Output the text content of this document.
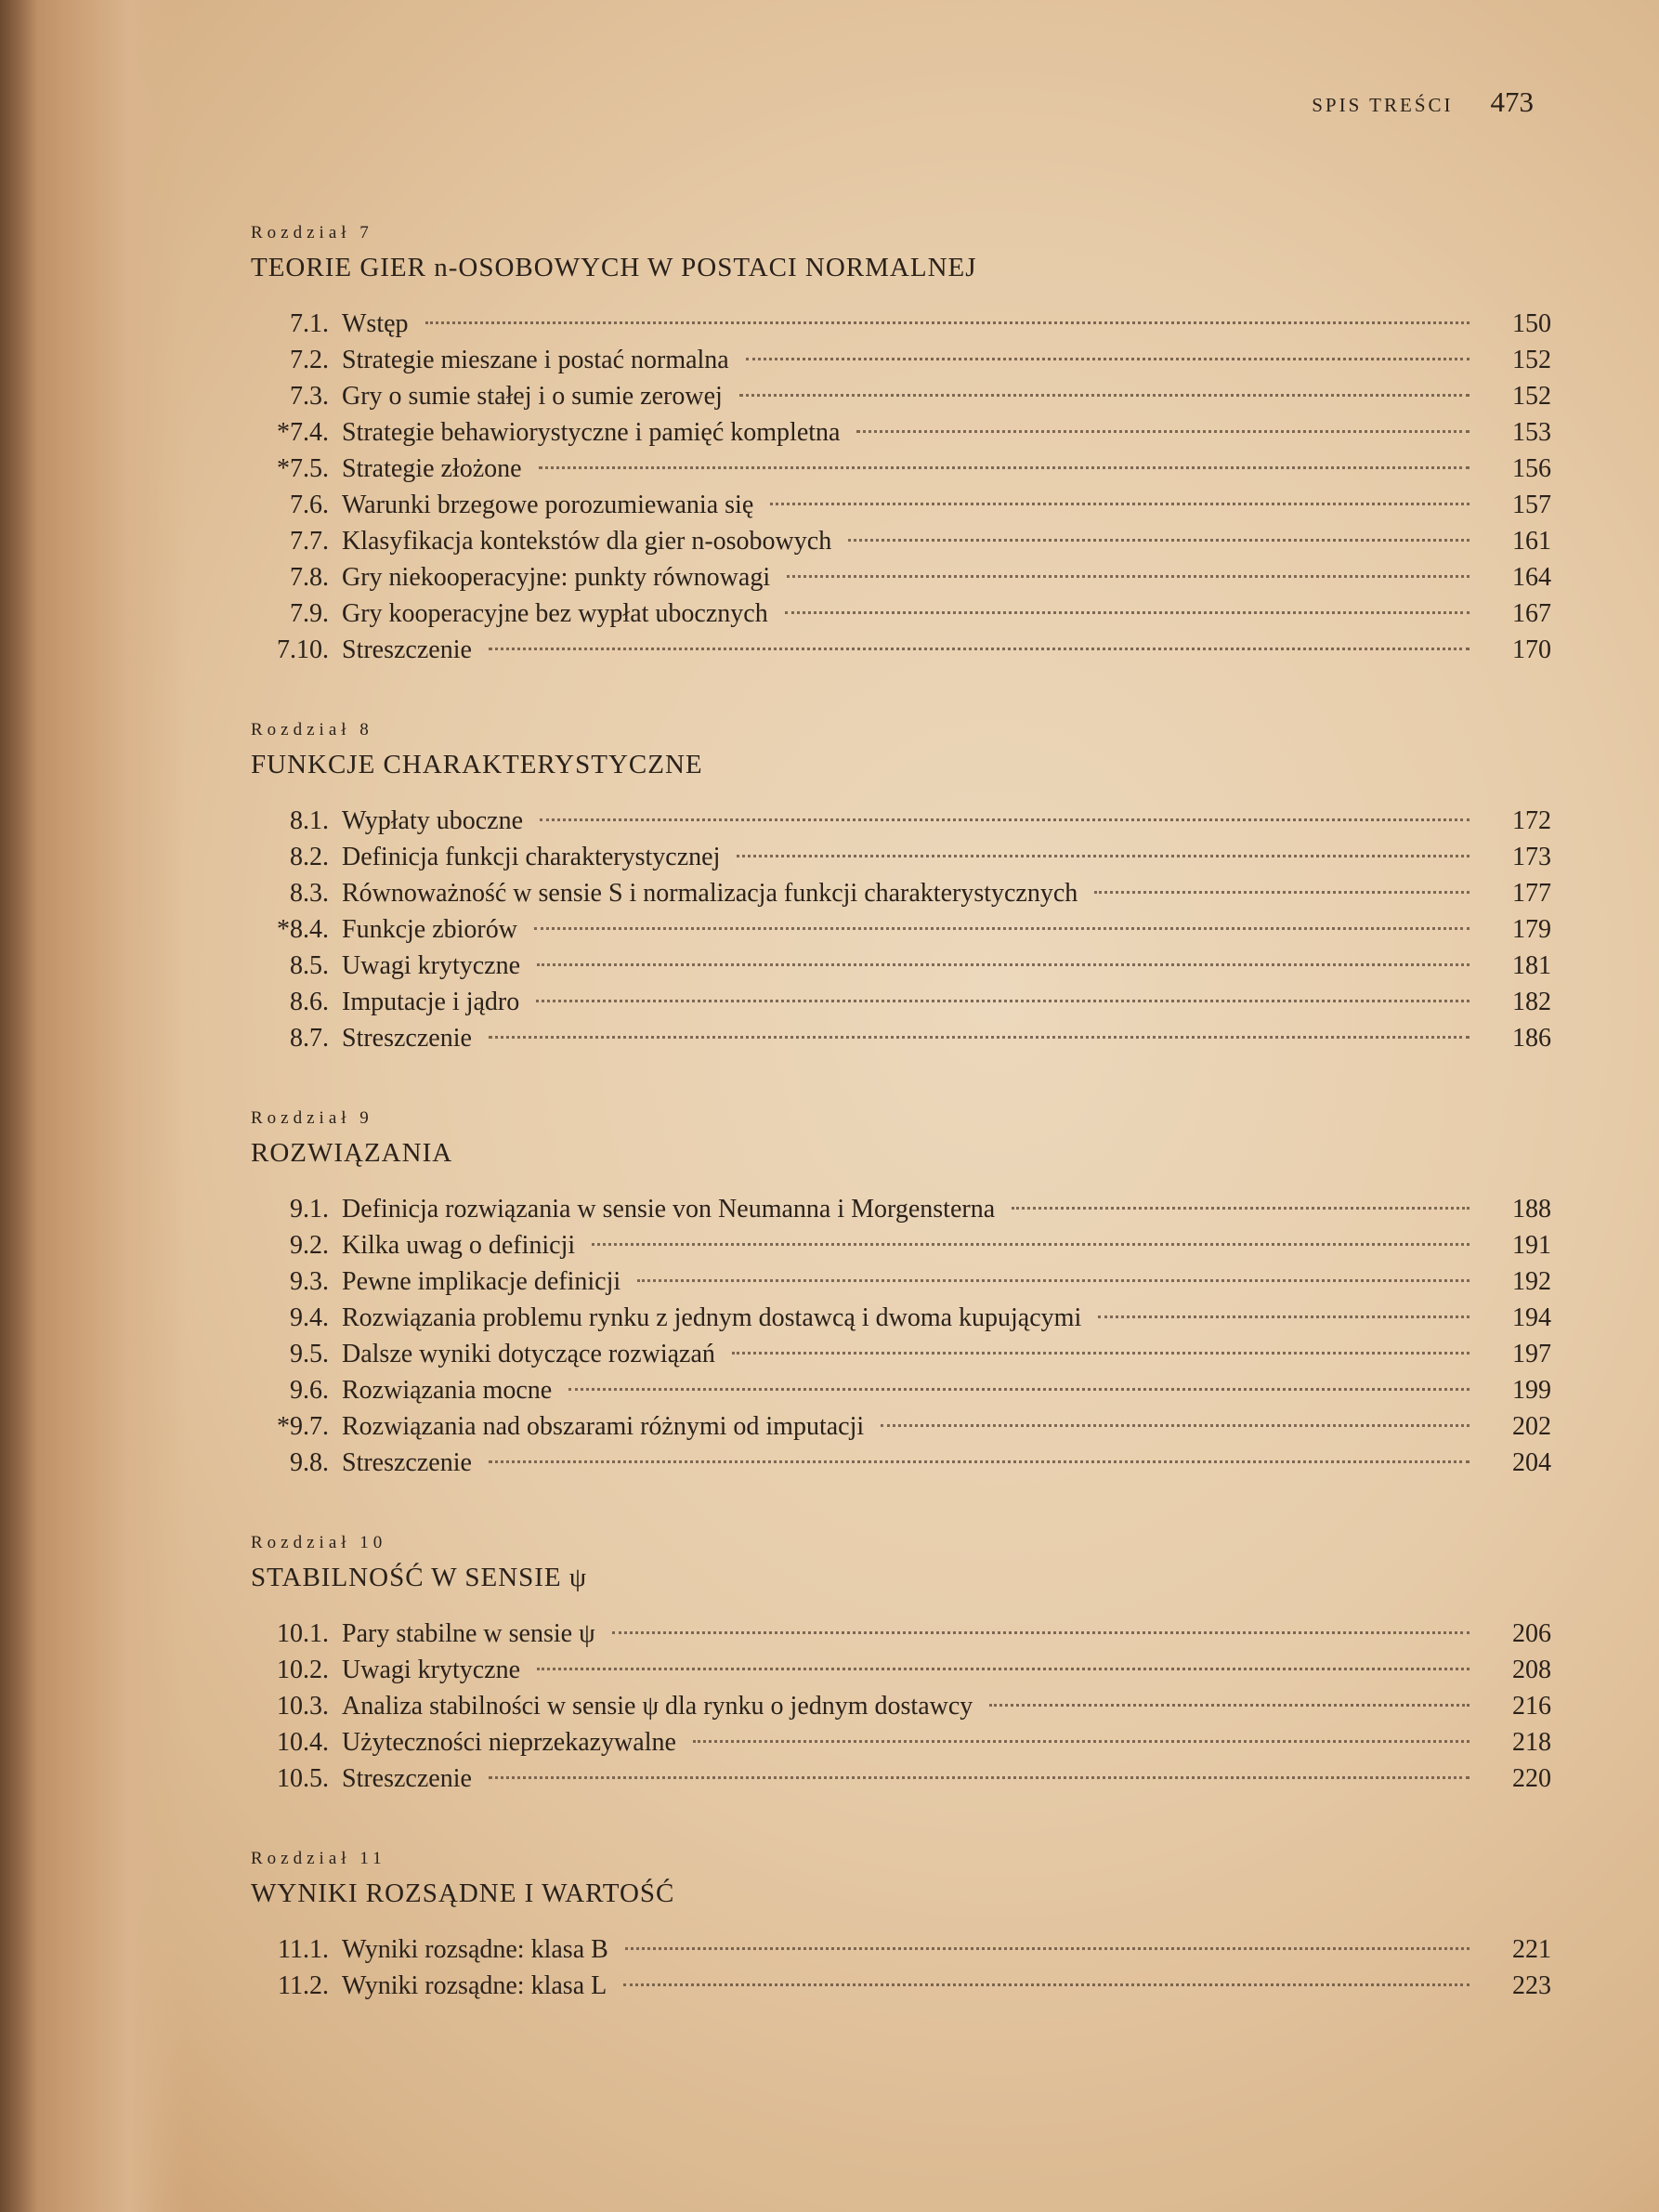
SPIS TREŚCI 473
Rozdział 7
TEORIE GIER n-OSOBOWYCH W POSTACI NORMALNEJ
7.1. Wstęp	150
7.2. Strategie mieszane i postać normalna	152
7.3. Gry o sumie stałej i o sumie zerowej	152
*7.4. Strategie behawiorystyczne i pamięć kompletna	153
*7.5. Strategie złożone	156
7.6. Warunki brzegowe porozumiewania się	157
7.7. Klasyfikacja kontekstów dla gier n-osobowych	161
7.8. Gry niekooperacyjne: punkty równowagi	164
7.9. Gry kooperacyjne bez wypłat ubocznych	167
7.10. Streszczenie	170
Rozdział 8
FUNKCJE CHARAKTERYSTYCZNE
8.1. Wypłaty uboczne	172
8.2. Definicja funkcji charakterystycznej	173
8.3. Równoważność w sensie S i normalizacja funkcji charakterystycznych	177
*8.4. Funkcje zbiorów	179
8.5. Uwagi krytyczne	181
8.6. Imputacje i jądro	182
8.7. Streszczenie	186
Rozdział 9
ROZWIĄZANIA
9.1. Definicja rozwiązania w sensie von Neumanna i Morgensterna	188
9.2. Kilka uwag o definicji	191
9.3. Pewne implikacje definicji	192
9.4. Rozwiązania problemu rynku z jednym dostawcą i dwoma kupującymi	194
9.5. Dalsze wyniki dotyczące rozwiązań	197
9.6. Rozwiązania mocne	199
*9.7. Rozwiązania nad obszarami różnymi od imputacji	202
9.8. Streszczenie	204
Rozdział 10
STABILNOŚĆ W SENSIE ψ
10.1. Pary stabilne w sensie ψ	206
10.2. Uwagi krytyczne	208
10.3. Analiza stabilności w sensie ψ dla rynku o jednym dostawcy	216
10.4. Użyteczności nieprzekazywalne	218
10.5. Streszczenie	220
Rozdział 11
WYNIKI ROZSĄDNE I WARTOŚĆ
11.1. Wyniki rozsądne: klasa B	221
11.2. Wyniki rozsądne: klasa L	223
